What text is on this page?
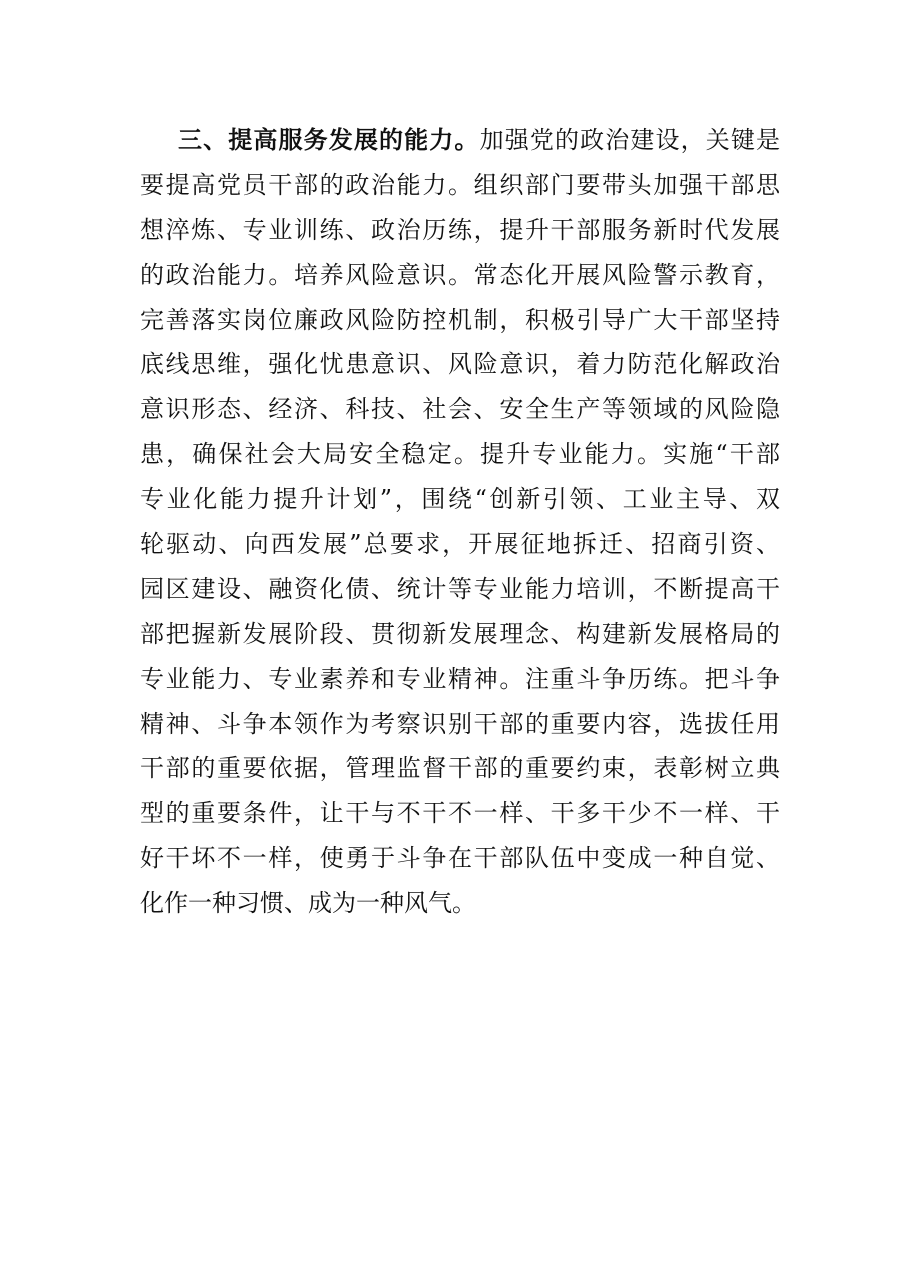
三、提高服务发展的能力。加强党的政治建设，关键是
要提高党员干部的政治能力。组织部门要带头加强干部思
想淬炼、专业训练、政治历练，提升干部服务新时代发展
的政治能力。培养风险意识。常态化开展风险警示教育，
完善落实岗位廉政风险防控机制，积极引导广大干部坚持
底线思维，强化忧患意识、风险意识，着力防范化解政治
意识形态、经济、科技、社会、安全生产等领域的风险隐
患，确保社会大局安全稳定。提升专业能力。实施“干部
专业化能力提升计划”，围绕“创新引领、工业主导、双
轮驱动、向西发展”总要求，开展征地拆迁、招商引资、
园区建设、融资化债、统计等专业能力培训，不断提高干
部把握新发展阶段、贯彻新发展理念、构建新发展格局的
专业能力、专业素养和专业精神。注重斗争历练。把斗争
精神、斗争本领作为考察识别干部的重要内容，选拔任用
干部的重要依据，管理监督干部的重要约束，表彰树立典
型的重要条件，让干与不干不一样、干多干少不一样、干
好干坏不一样，使勇于斗争在干部队伍中变成一种自觉、
化作一种习惯、成为一种风气。
